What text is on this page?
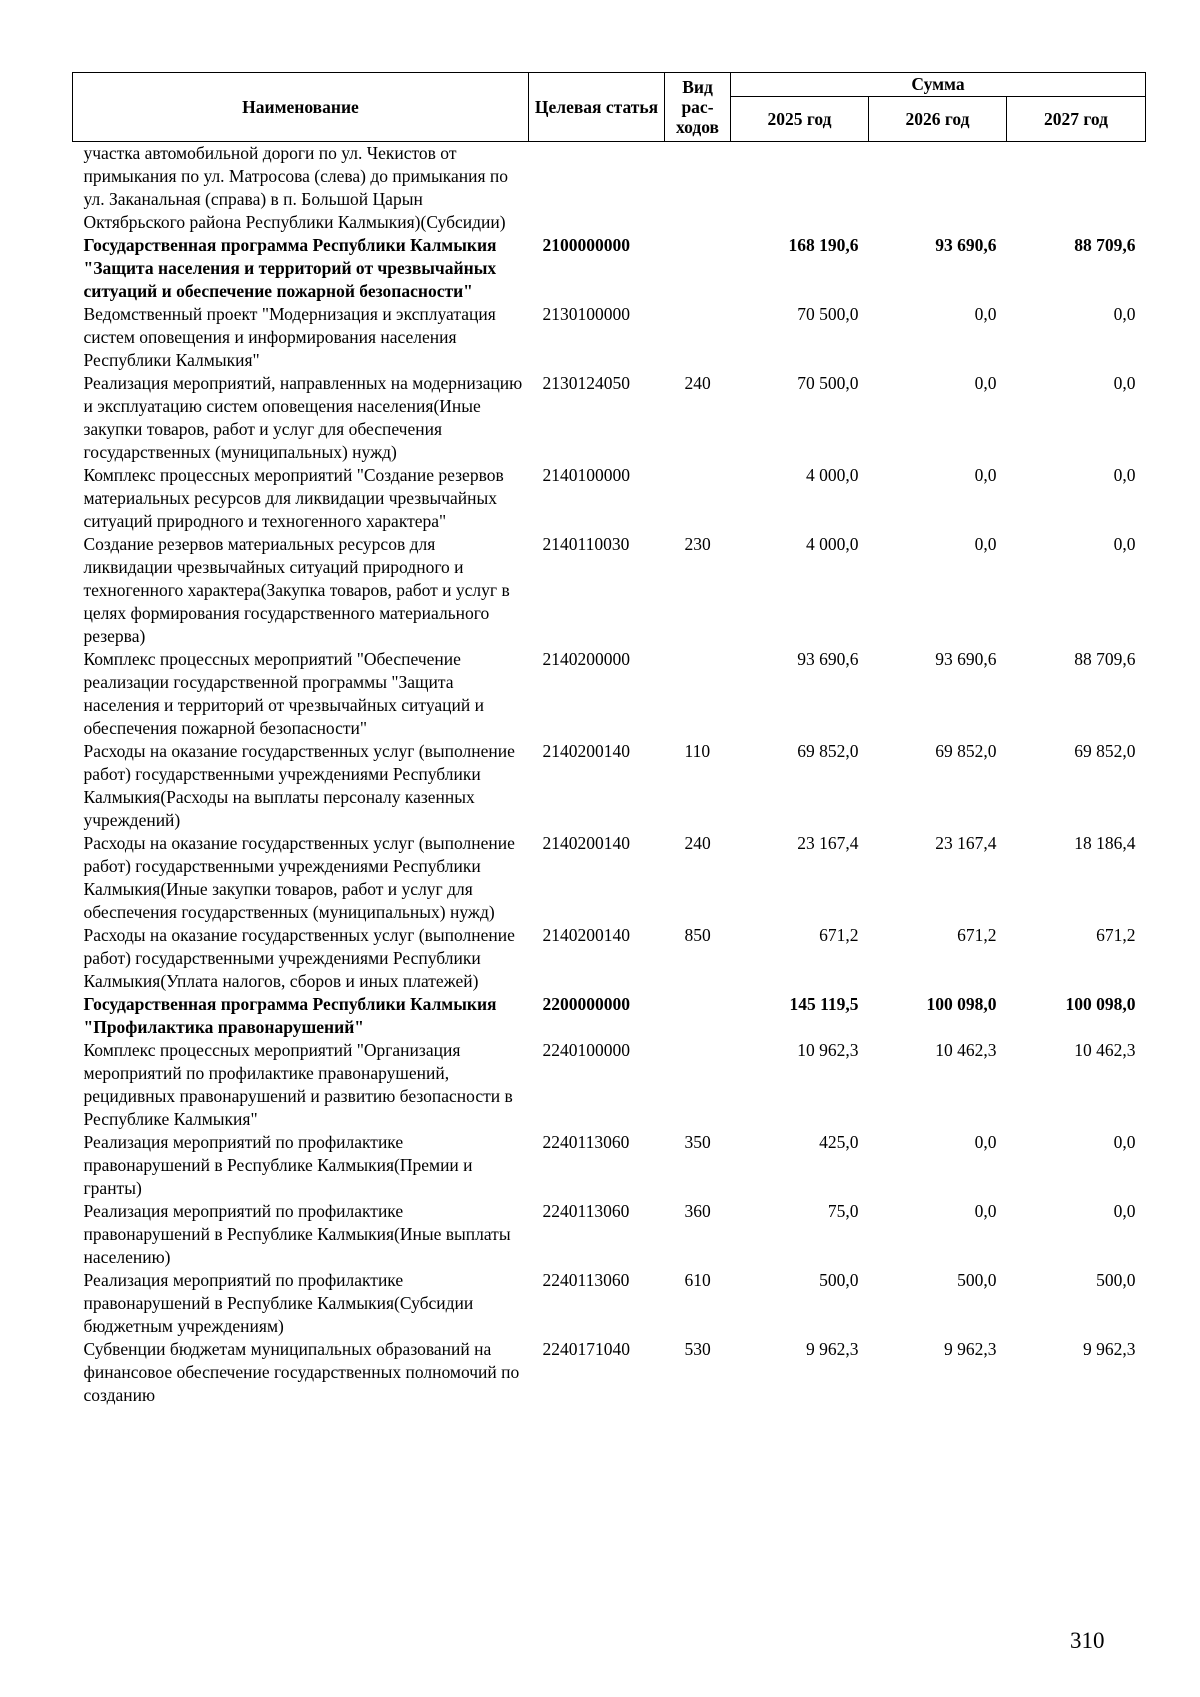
Наименование	Целевая статья	Вид рас-ходов	Сумма		
			2025 год	2026 год	2027 год
участка автомобильной дороги по ул. Чекистов от примыкания по ул. Матросова (слева) до примыкания по ул. Заканальная (справа) в п. Большой Царын Октябрьского района Республики Калмыкия)(Субсидии)					
Государственная программа Республики Калмыкия "Защита населения и территорий от чрезвычайных ситуаций и обеспечение пожарной безопасности"	2100000000		168 190,6	93 690,6	88 709,6
Ведомственный проект "Модернизация и эксплуатация систем оповещения и информирования населения Республики Калмыкия"	2130100000		70 500,0	0,0	0,0
Реализация мероприятий, направленных на модернизацию и эксплуатацию систем оповещения населения(Иные закупки товаров, работ и услуг для обеспечения государственных (муниципальных) нужд)	2130124050	240	70 500,0	0,0	0,0
Комплекс процессных мероприятий "Создание резервов материальных ресурсов для ликвидации чрезвычайных ситуаций природного и техногенного характера"	2140100000		4 000,0	0,0	0,0
Создание резервов материальных ресурсов для ликвидации чрезвычайных ситуаций природного и техногенного характера(Закупка товаров, работ и услуг в целях формирования государственного материального резерва)	2140110030	230	4 000,0	0,0	0,0
Комплекс процессных мероприятий "Обеспечение реализации государственной программы "Защита населения и территорий от чрезвычайных ситуаций и обеспечения пожарной безопасности"	2140200000		93 690,6	93 690,6	88 709,6
Расходы на оказание государственных услуг (выполнение работ) государственными учреждениями Республики Калмыкия(Расходы на выплаты персоналу казенных учреждений)	2140200140	110	69 852,0	69 852,0	69 852,0
Расходы на оказание государственных услуг (выполнение работ) государственными учреждениями Республики Калмыкия(Иные закупки товаров, работ и услуг для обеспечения государственных (муниципальных) нужд)	2140200140	240	23 167,4	23 167,4	18 186,4
Расходы на оказание государственных услуг (выполнение работ) государственными учреждениями Республики Калмыкия(Уплата налогов, сборов и иных платежей)	2140200140	850	671,2	671,2	671,2
Государственная программа Республики Калмыкия "Профилактика правонарушений"	2200000000		145 119,5	100 098,0	100 098,0
Комплекс процессных мероприятий "Организация мероприятий по профилактике правонарушений, рецидивных правонарушений и развитию безопасности в Республике Калмыкия"	2240100000		10 962,3	10 462,3	10 462,3
Реализация мероприятий по профилактике правонарушений в Республике Калмыкия(Премии и гранты)	2240113060	350	425,0	0,0	0,0
Реализация мероприятий по профилактике правонарушений в Республике Калмыкия(Иные выплаты населению)	2240113060	360	75,0	0,0	0,0
Реализация мероприятий по профилактике правонарушений в Республике Калмыкия(Субсидии бюджетным учреждениям)	2240113060	610	500,0	500,0	500,0
Субвенции бюджетам муниципальных образований на финансовое обеспечение государственных полномочий по созданию	2240171040	530	9 962,3	9 962,3	9 962,3
310
